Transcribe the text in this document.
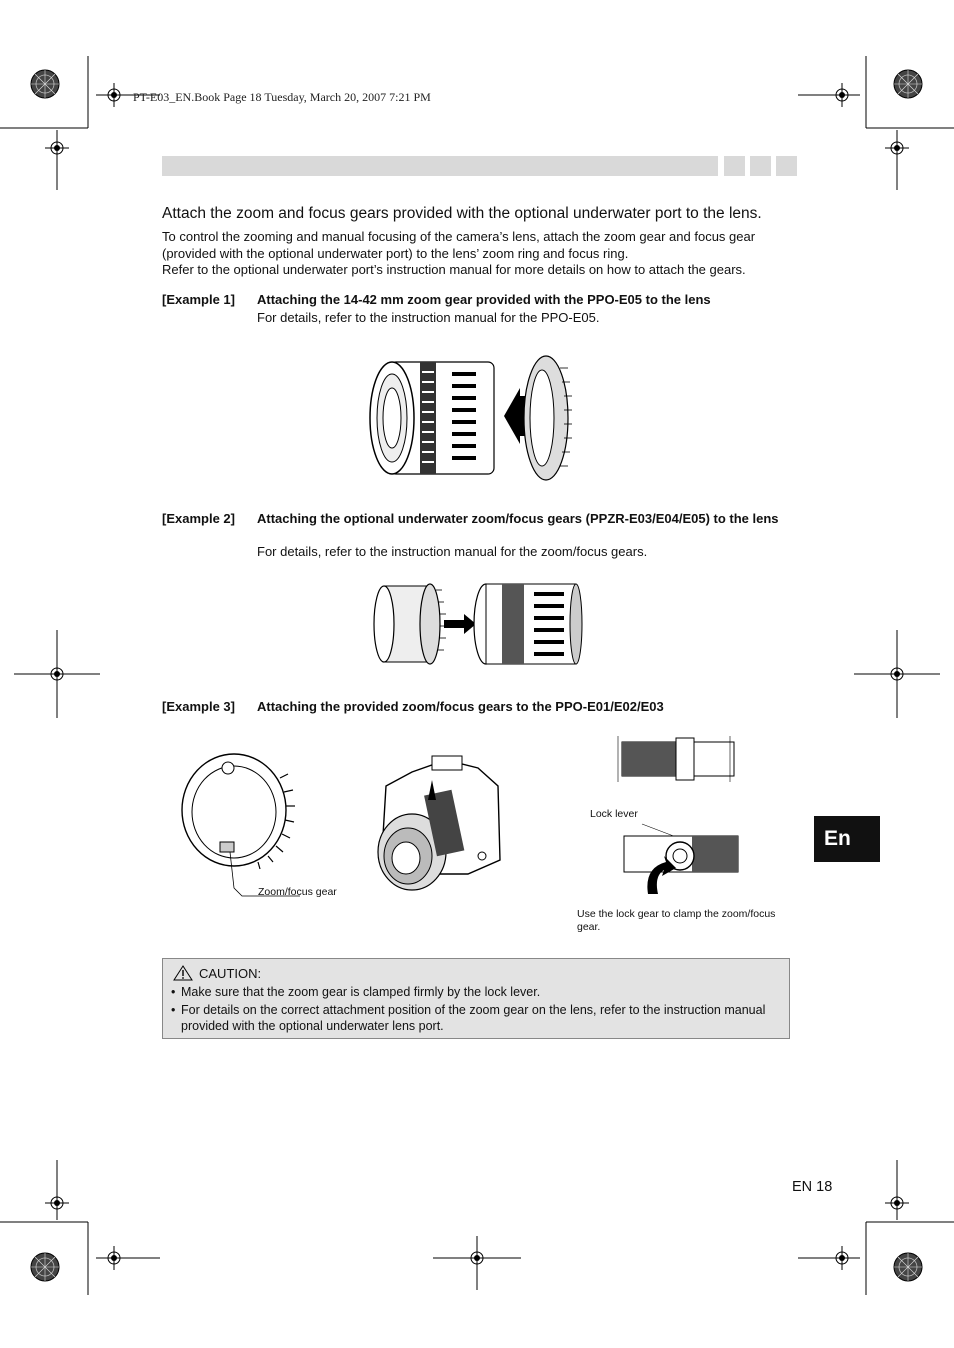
PT-E03_EN.Book Page 18 Tuesday, March 20, 2007 7:21 PM
Attach the zoom and focus gears provided with the optional underwater port to the lens.

To control the zooming and manual focusing of the camera’s lens, attach the zoom gear and focus gear (provided with the optional underwater port) to the lens’ zoom ring and focus ring.

Refer to the optional underwater port’s instruction manual for more details on how to attach the gears.

[Example 1] Attaching the 14-42 mm zoom gear provided with the PPO-E05 to the lens
For details, refer to the instruction manual for the PPO-E05.
[Example 2] Attaching the optional underwater zoom/focus gears (PPZR-E03/E04/E05) to the lens
For details, refer to the instruction manual for the zoom/focus gears.
[Example 3] Attaching the provided zoom/focus gears to the PPO-E01/E02/E03
Zoom/focus gear
Lock lever
Use the lock gear to clamp the zoom/focus gear.
En
CAUTION:
• Make sure that the zoom gear is clamped firmly by the lock lever.
• For details on the correct attachment position of the zoom gear on the lens, refer to the instruction manual provided with the optional underwater lens port.
EN 18
